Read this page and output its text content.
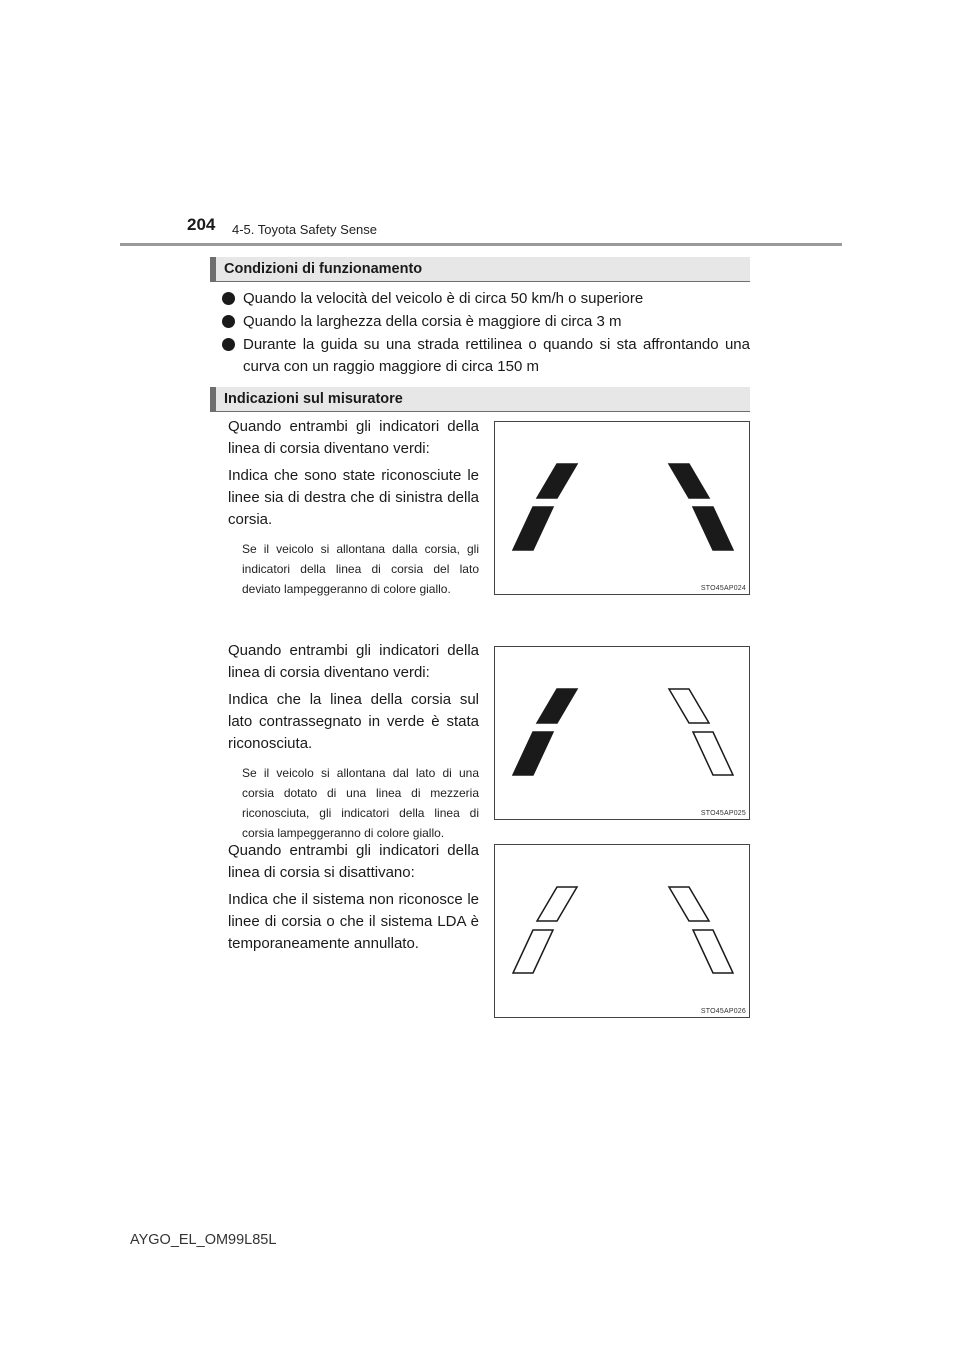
204 4-5. Toyota Safety Sense
Condizioni di funzionamento
Quando la velocità del veicolo è di circa 50 km/h o superiore
Quando la larghezza della corsia è maggiore di circa 3 m
Durante la guida su una strada rettilinea o quando si sta affrontando una curva con un raggio maggiore di circa 150 m
Indicazioni sul misuratore

Quando entrambi gli indicatori della linea di corsia diventano verdi:

Indica che sono state riconosciute le linee sia di destra che di sinistra della corsia.

Se il veicolo si allontana dalla corsia, gli indicatori della linea di corsia del lato deviato lampeggeranno di colore giallo.	STO45AP024

Quando entrambi gli indicatori della linea di corsia diventano verdi:

Indica che la linea della corsia sul lato contrassegnato in verde è stata riconosciuta.

Se il veicolo si allontana dal lato di una corsia dotato di una linea di mezzeria riconosciuta, gli indicatori della linea di corsia lampeggeranno di colore giallo.

STO45AP025

Quando entrambi gli indicatori della linea di corsia si disattivano:

Indica che il sistema non riconosce le linee di corsia o che il sistema LDA è temporaneamente annullato.

STO45AP026
AYGO_EL_OM99L85L
